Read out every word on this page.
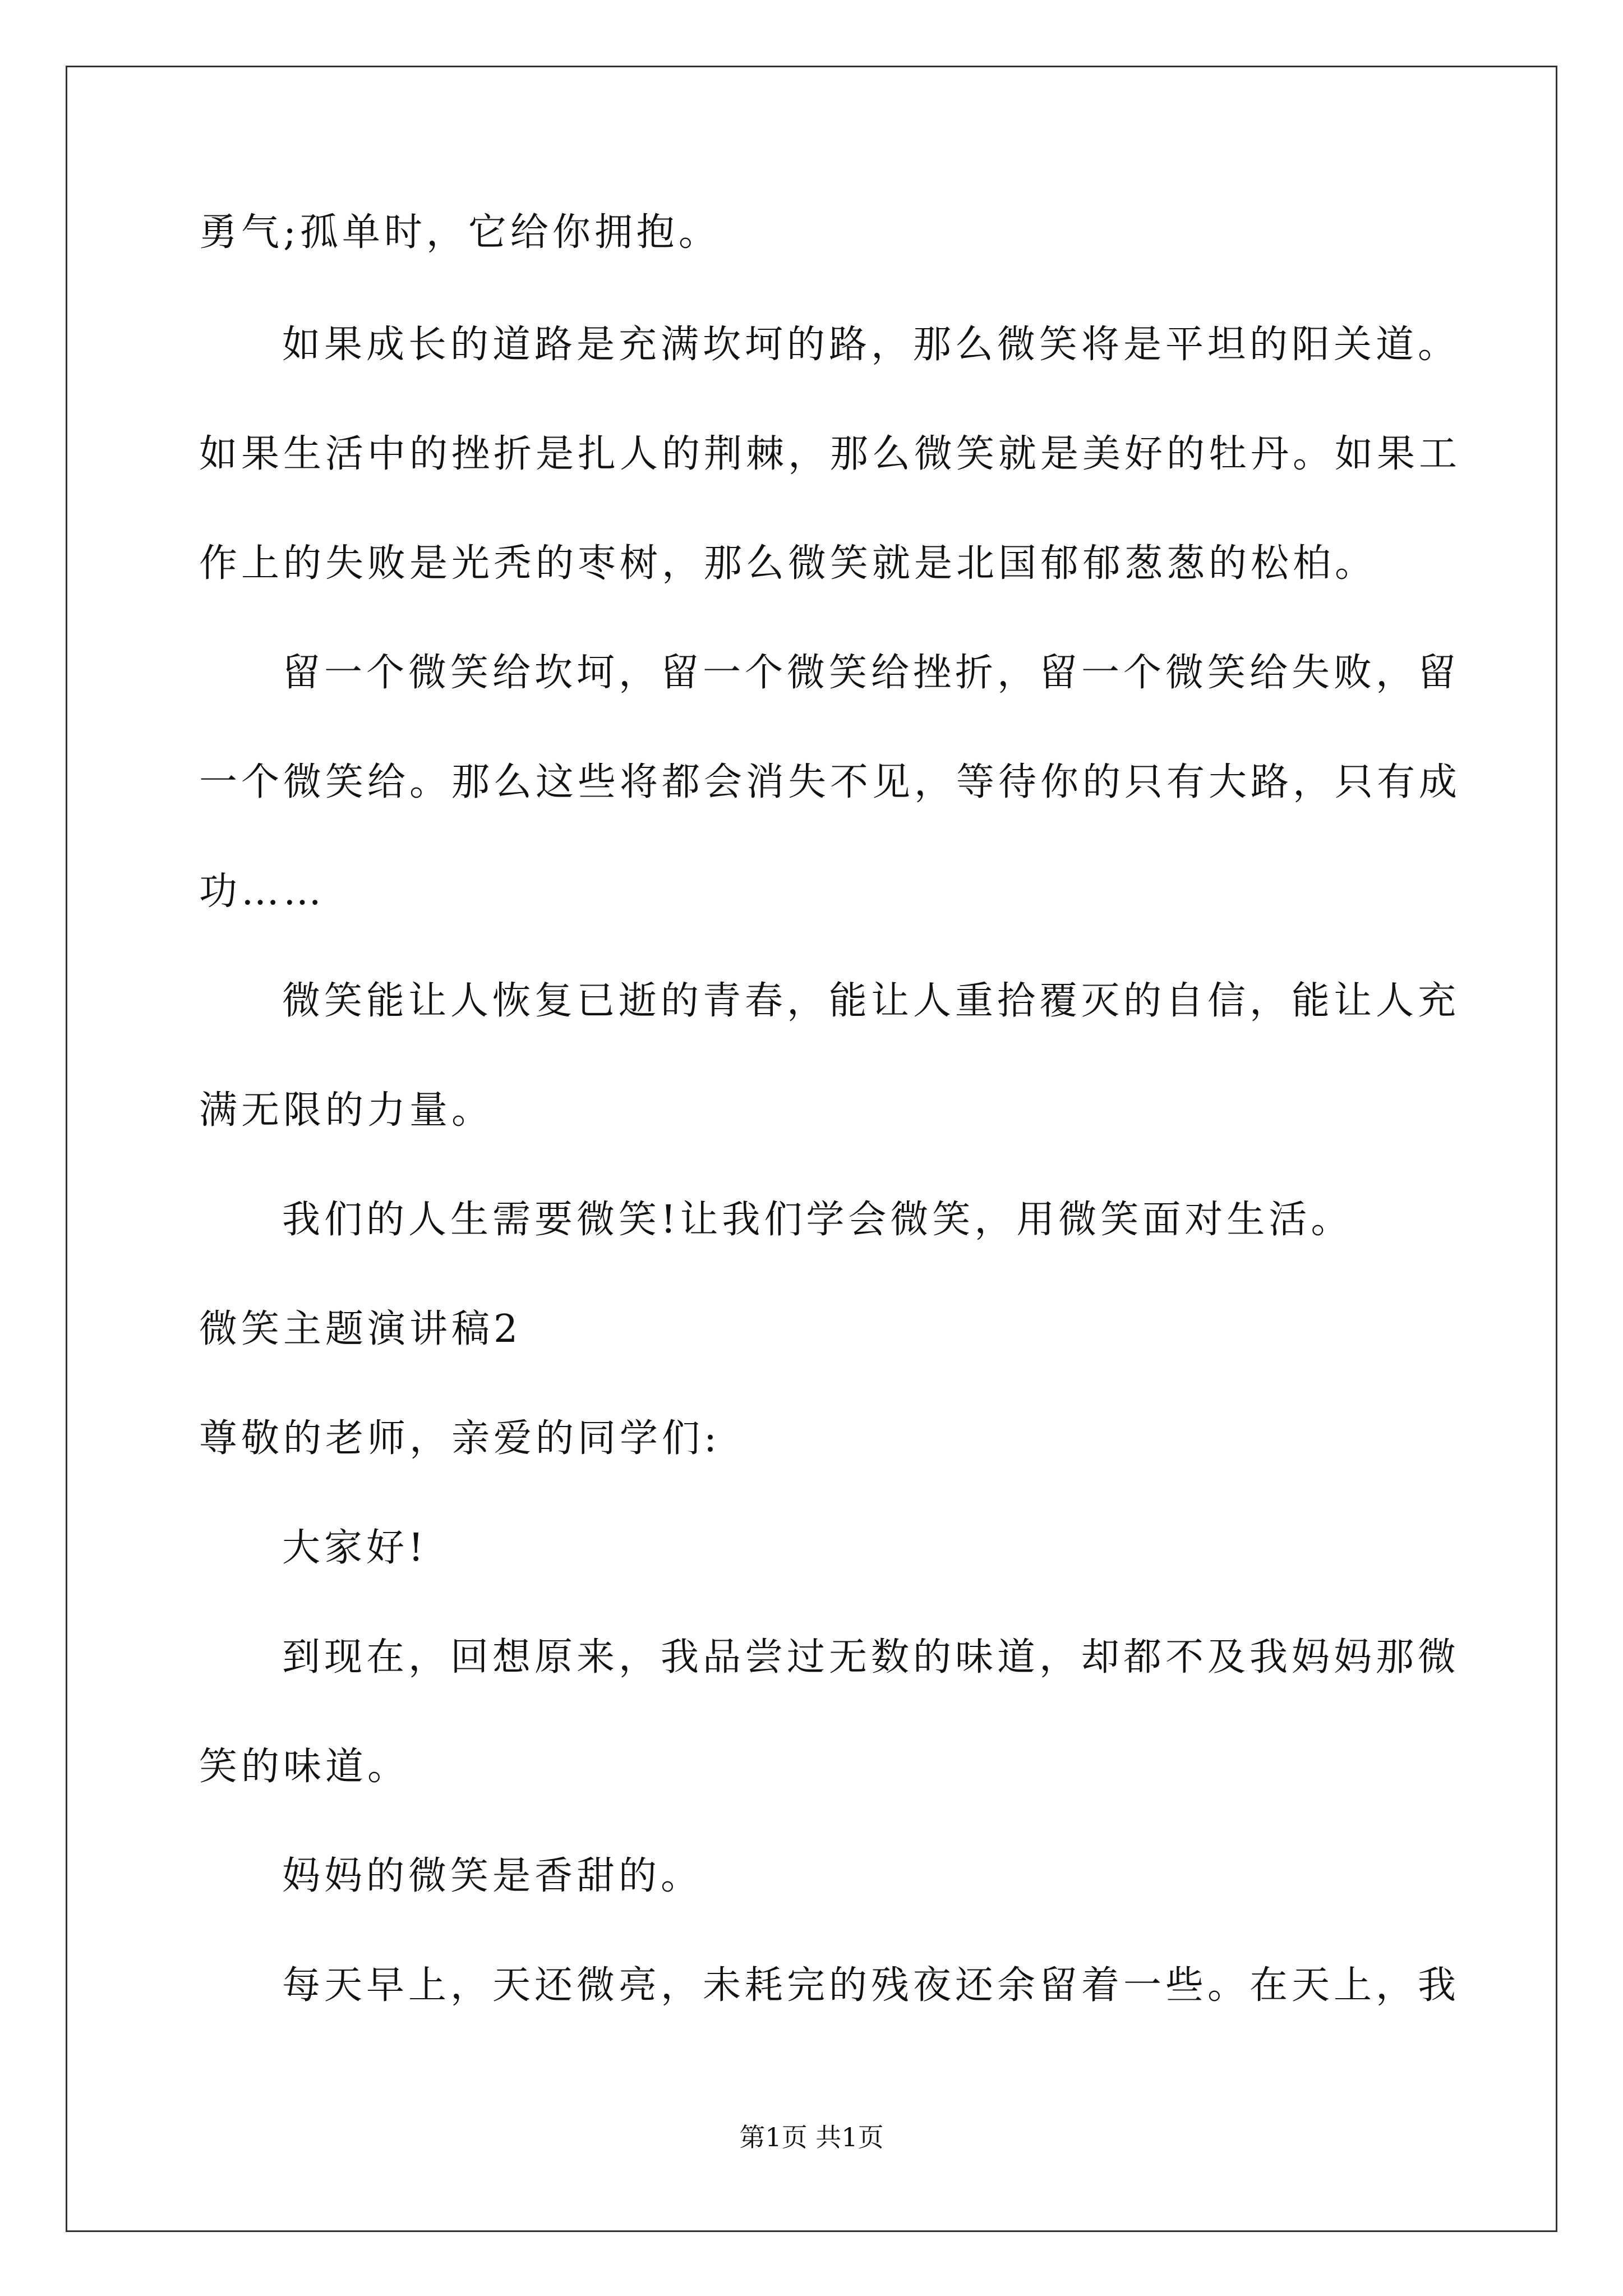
勇气;孤单时，它给你拥抱。
如果成长的道路是充满坎坷的路，那么微笑将是平坦的阳关道。
如果生活中的挫折是扎人的荆棘，那么微笑就是美好的牡丹。如果工
作上的失败是光秃的枣树，那么微笑就是北国郁郁葱葱的松柏。
留一个微笑给坎坷，留一个微笑给挫折，留一个微笑给失败，留
一个微笑给。那么这些将都会消失不见，等待你的只有大路，只有成
功……
微笑能让人恢复已逝的青春，能让人重拾覆灭的自信，能让人充
满无限的力量。
我们的人生需要微笑!让我们学会微笑，用微笑面对生活。
微笑主题演讲稿2
尊敬的老师，亲爱的同学们:
大家好!
到现在，回想原来，我品尝过无数的味道，却都不及我妈妈那微
笑的味道。
妈妈的微笑是香甜的。
每天早上，天还微亮，未耗完的残夜还余留着一些。在天上，我
第1页 共1页
